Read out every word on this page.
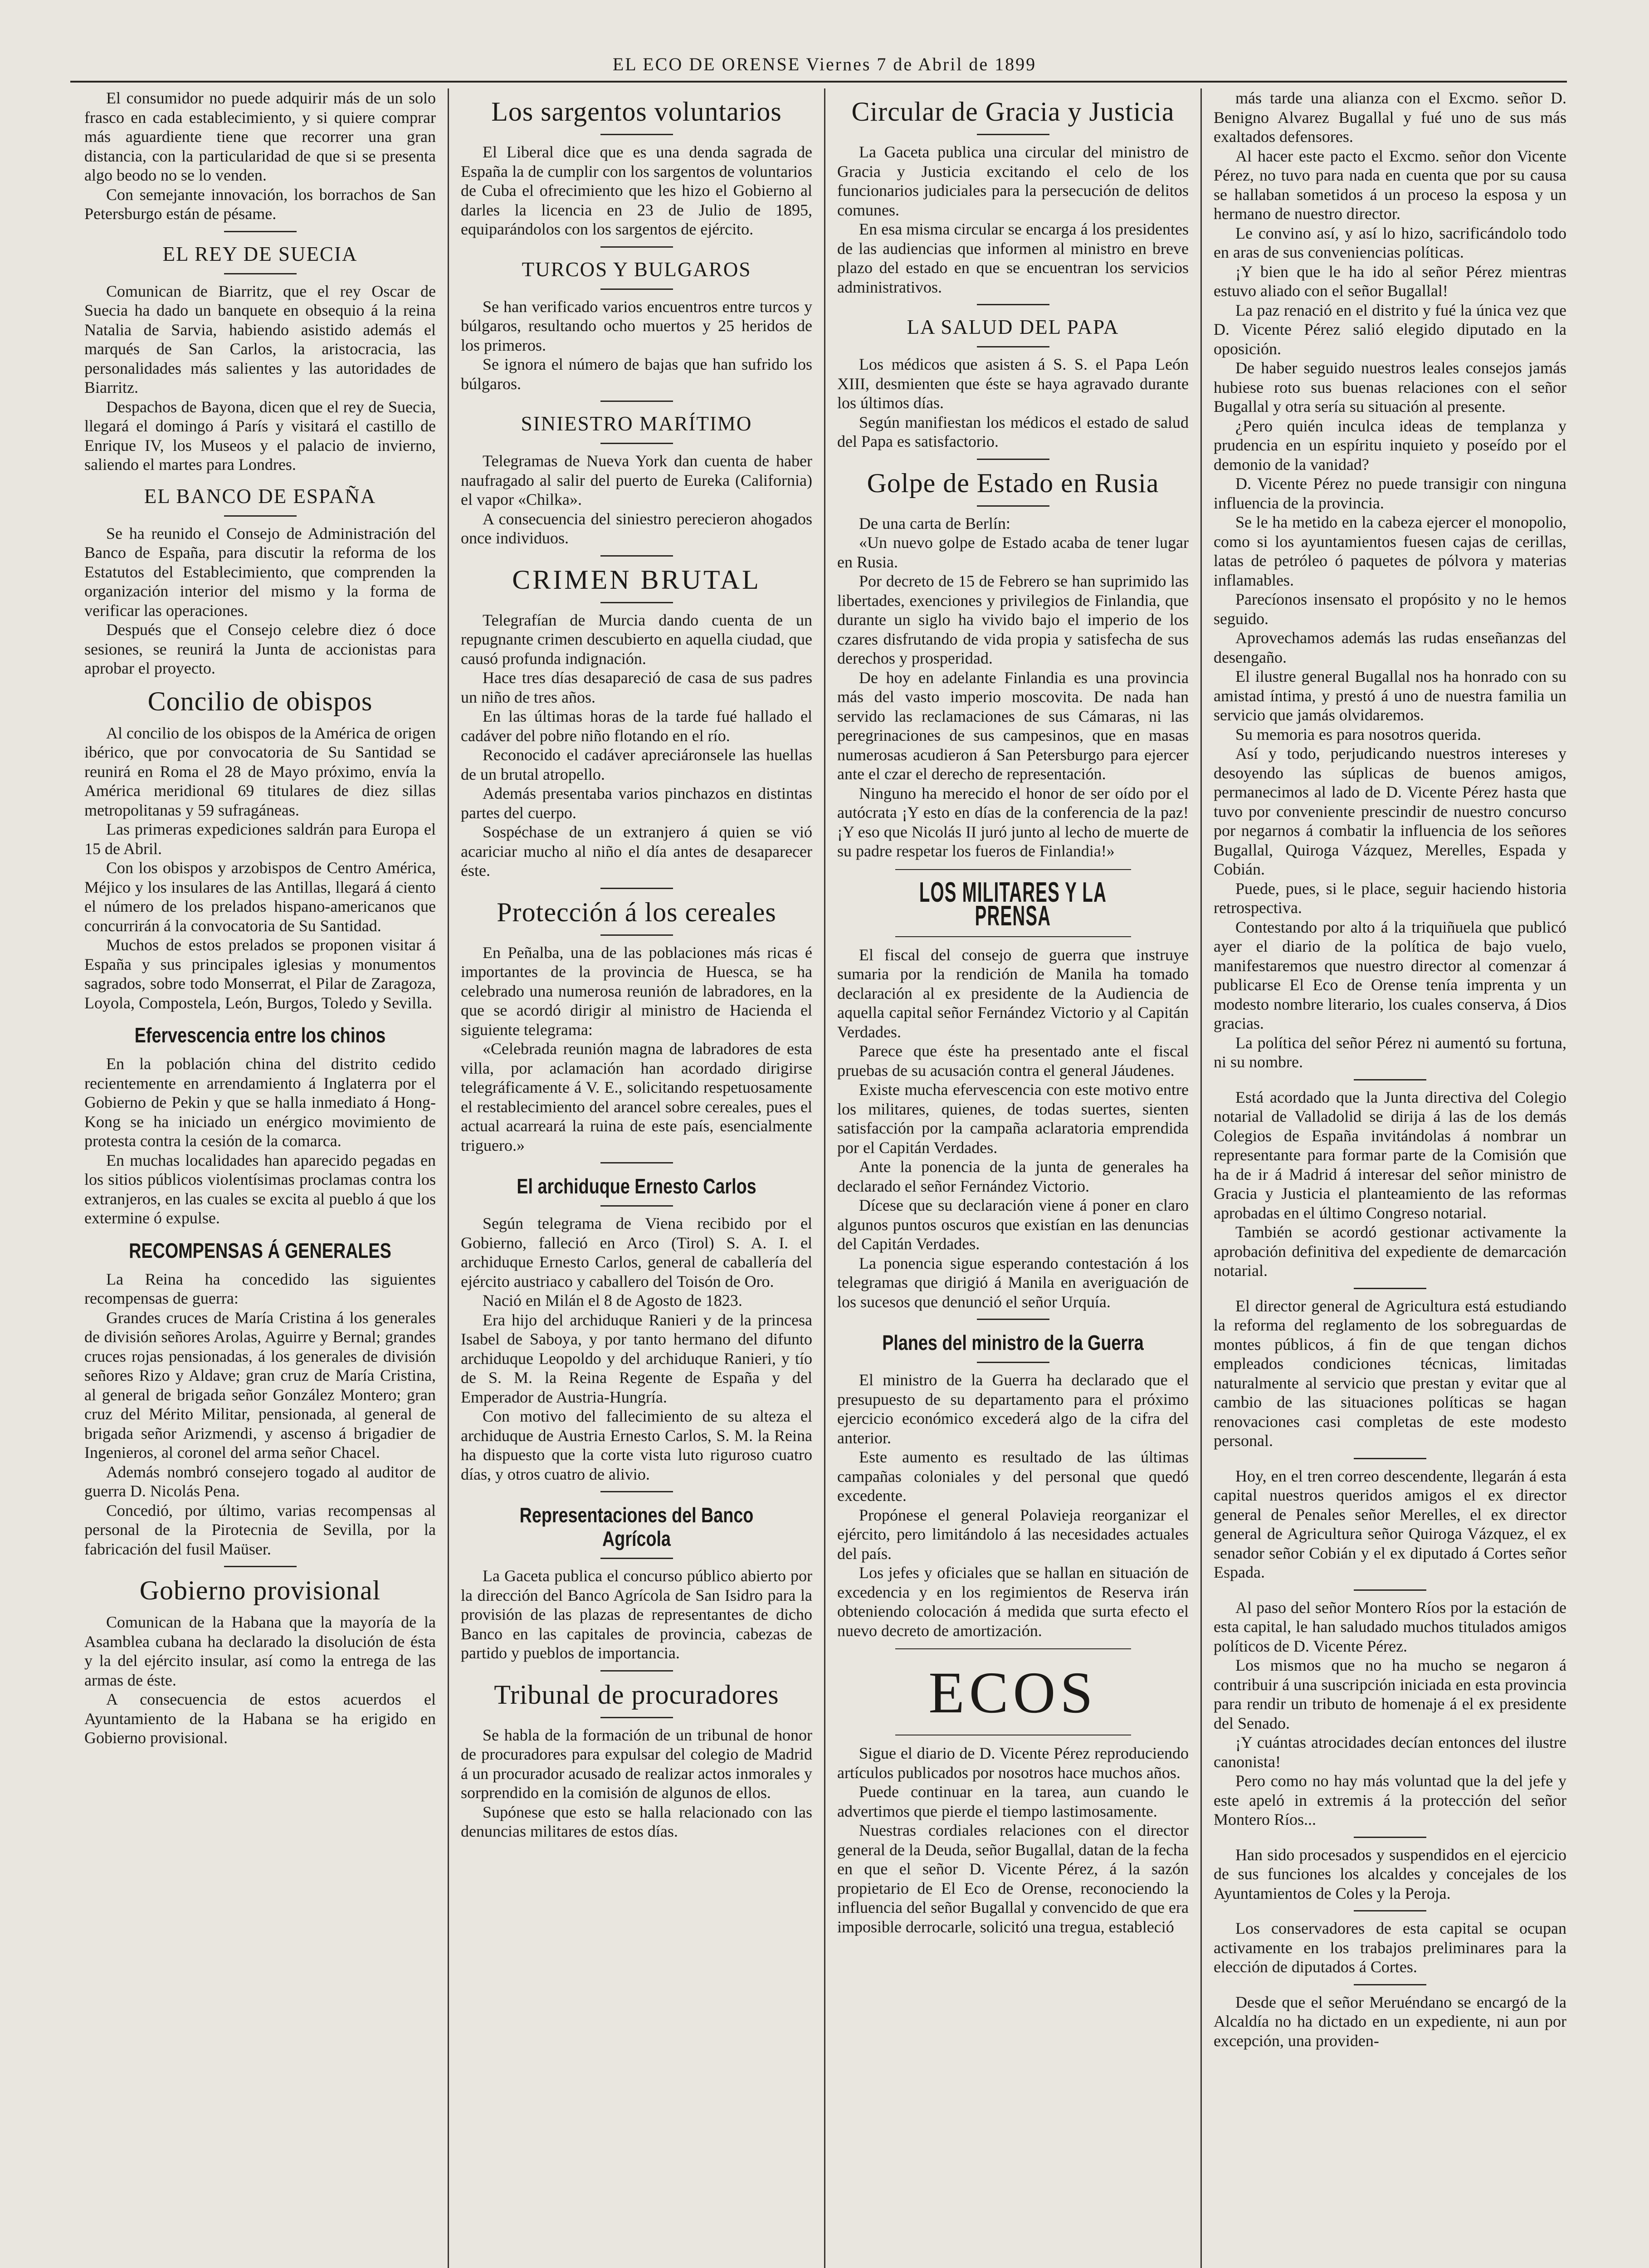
EL ECO DE ORENSE Viernes 7 de Abril de 1899

El consumidor no puede adquirir más de un solo frasco en cada establecimiento, y si quiere comprar más aguardiente tiene que recorrer una gran distancia, con la particularidad de que si se presenta algo beodo no se lo venden.

Con semejante innovación, los borrachos de San Petersburgo están de pésame.

EL REY DE SUECIA

Comunican de Biarritz, que el rey Oscar de Suecia ha dado un banquete en obsequio á la reina Natalia de Sarvia, habiendo asistido además el marqués de San Carlos, la aristocracia, las personalidades más salientes y las autoridades de Biarritz.

Despachos de Bayona, dicen que el rey de Suecia, llegará el domingo á París y visitará el castillo de Enrique IV, los Museos y el palacio de invierno, saliendo el martes para Londres.

EL BANCO DE ESPAÑA

Se ha reunido el Consejo de Administración del Banco de España, para discutir la reforma de los Estatutos del Establecimiento, que comprenden la organización interior del mismo y la forma de verificar las operaciones.

Después que el Consejo celebre diez ó doce sesiones, se reunirá la Junta de accionistas para aprobar el proyecto.

Concilio de obispos

Al concilio de los obispos de la América de origen ibérico, que por convocatoria de Su Santidad se reunirá en Roma el 28 de Mayo próximo, envía la América meridional 69 titulares de diez sillas metropolitanas y 59 sufragáneas.

Las primeras expediciones saldrán para Europa el 15 de Abril.

Con los obispos y arzobispos de Centro América, Méjico y los insulares de las Antillas, llegará á ciento el número de los prelados hispano-americanos que concurrirán á la convocatoria de Su Santidad.

Muchos de estos prelados se proponen visitar á España y sus principales iglesias y monumentos sagrados, sobre todo Monserrat, el Pilar de Zaragoza, Loyola, Compostela, León, Burgos, Toledo y Sevilla.

Efervescencia entre los chinos

En la población china del distrito cedido recientemente en arrendamiento á Inglaterra por el Gobierno de Pekin y que se halla inmediato á Hong-Kong se ha iniciado un enérgico movimiento de protesta contra la cesión de la comarca.

En muchas localidades han aparecido pegadas en los sitios públicos violentísimas proclamas contra los extranjeros, en las cuales se excita al pueblo á que los extermine ó expulse.

RECOMPENSAS Á GENERALES

La Reina ha concedido las siguientes recompensas de guerra:

Grandes cruces de María Cristina á los generales de división señores Arolas, Aguirre y Bernal; grandes cruces rojas pensionadas, á los generales de división señores Rizo y Aldave; gran cruz de María Cristina, al general de brigada señor González Montero; gran cruz del Mérito Militar, pensionada, al general de brigada señor Arizmendi, y ascenso á brigadier de Ingenieros, al coronel del arma señor Chacel.

Además nombró consejero togado al auditor de guerra D. Nicolás Pena.

Concedió, por último, varias recompensas al personal de la Pirotecnia de Sevilla, por la fabricación del fusil Maüser.

Gobierno provisional

Comunican de la Habana que la mayoría de la Asamblea cubana ha declarado la disolución de ésta y la del ejército insular, así como la entrega de las armas de éste.

A consecuencia de estos acuerdos el Ayuntamiento de la Habana se ha erigido en Gobierno provisional.

Los sargentos voluntarios

El Liberal dice que es una denda sagrada de España la de cumplir con los sargentos de voluntarios de Cuba el ofrecimiento que les hizo el Gobierno al darles la licencia en 23 de Julio de 1895, equiparándolos con los sargentos de ejército.

TURCOS Y BULGAROS

Se han verificado varios encuentros entre turcos y búlgaros, resultando ocho muertos y 25 heridos de los primeros.

Se ignora el número de bajas que han sufrido los búlgaros.

SINIESTRO MARÍTIMO

Telegramas de Nueva York dan cuenta de haber naufragado al salir del puerto de Eureka (California) el vapor «Chilka».

A consecuencia del siniestro perecieron ahogados once individuos.

CRIMEN BRUTAL

Telegrafían de Murcia dando cuenta de un repugnante crimen descubierto en aquella ciudad, que causó profunda indignación.

Hace tres días desapareció de casa de sus padres un niño de tres años.

En las últimas horas de la tarde fué hallado el cadáver del pobre niño flotando en el río.

Reconocido el cadáver apreciáronsele las huellas de un brutal atropello.

Además presentaba varios pinchazos en distintas partes del cuerpo.

Sospéchase de un extranjero á quien se vió acariciar mucho al niño el día antes de desaparecer éste.

Protección á los cereales

En Peñalba, una de las poblaciones más ricas é importantes de la provincia de Huesca, se ha celebrado una numerosa reunión de labradores, en la que se acordó dirigir al ministro de Hacienda el siguiente telegrama:

«Celebrada reunión magna de labradores de esta villa, por aclamación han acordado dirigirse telegráficamente á V. E., solicitando respetuosamente el restablecimiento del arancel sobre cereales, pues el actual acarreará la ruina de este país, esencialmente triguero.»

El archiduque Ernesto Carlos

Según telegrama de Viena recibido por el Gobierno, falleció en Arco (Tirol) S. A. I. el archiduque Ernesto Carlos, general de caballería del ejército austriaco y caballero del Toisón de Oro.

Nació en Milán el 8 de Agosto de 1823.

Era hijo del archiduque Ranieri y de la princesa Isabel de Saboya, y por tanto hermano del difunto archiduque Leopoldo y del archiduque Ranieri, y tío de S. M. la Reina Regente de España y del Emperador de Austria-Hungría.

Con motivo del fallecimiento de su alteza el archiduque de Austria Ernesto Carlos, S. M. la Reina ha dispuesto que la corte vista luto riguroso cuatro días, y otros cuatro de alivio.

Representaciones del Banco Agrícola

La Gaceta publica el concurso público abierto por la dirección del Banco Agrícola de San Isidro para la provisión de las plazas de representantes de dicho Banco en las capitales de provincia, cabezas de partido y pueblos de importancia.

Tribunal de procuradores

Se habla de la formación de un tribunal de honor de procuradores para expulsar del colegio de Madrid á un procurador acusado de realizar actos inmorales y sorprendido en la comisión de algunos de ellos.

Supónese que esto se halla relacionado con las denuncias militares de estos días.

Circular de Gracia y Justicia

La Gaceta publica una circular del ministro de Gracia y Justicia excitando el celo de los funcionarios judiciales para la persecución de delitos comunes.

En esa misma circular se encarga á los presidentes de las audiencias que informen al ministro en breve plazo del estado en que se encuentran los servicios administrativos.

LA SALUD DEL PAPA

Los médicos que asisten á S. S. el Papa León XIII, desmienten que éste se haya agravado durante los últimos días.

Según manifiestan los médicos el estado de salud del Papa es satisfactorio.

Golpe de Estado en Rusia

De una carta de Berlín:

«Un nuevo golpe de Estado acaba de tener lugar en Rusia.

Por decreto de 15 de Febrero se han suprimido las libertades, exenciones y privilegios de Finlandia, que durante un siglo ha vivido bajo el imperio de los czares disfrutando de vida propia y satisfecha de sus derechos y prosperidad.

De hoy en adelante Finlandia es una provincia más del vasto imperio moscovita. De nada han servido las reclamaciones de sus Cámaras, ni las peregrinaciones de sus campesinos, que en masas numerosas acudieron á San Petersburgo para ejercer ante el czar el derecho de representación.

Ninguno ha merecido el honor de ser oído por el autócrata ¡Y esto en días de la conferencia de la paz! ¡Y eso que Nicolás II juró junto al lecho de muerte de su padre respetar los fueros de Finlandia!»

LOS MILITARES Y LA PRENSA

El fiscal del consejo de guerra que instruye sumaria por la rendición de Manila ha tomado declaración al ex presidente de la Audiencia de aquella capital señor Fernández Victorio y al Capitán Verdades.

Parece que éste ha presentado ante el fiscal pruebas de su acusación contra el general Jáudenes.

Existe mucha efervescencia con este motivo entre los militares, quienes, de todas suertes, sienten satisfacción por la campaña aclaratoria emprendida por el Capitán Verdades.

Ante la ponencia de la junta de generales ha declarado el señor Fernández Victorio.

Dícese que su declaración viene á poner en claro algunos puntos oscuros que existían en las denuncias del Capitán Verdades.

La ponencia sigue esperando contestación á los telegramas que dirigió á Manila en averiguación de los sucesos que denunció el señor Urquía.

Planes del ministro de la Guerra

El ministro de la Guerra ha declarado que el presupuesto de su departamento para el próximo ejercicio económico excederá algo de la cifra del anterior.

Este aumento es resultado de las últimas campañas coloniales y del personal que quedó excedente.

Propónese el general Polavieja reorganizar el ejército, pero limitándolo á las necesidades actuales del país.

Los jefes y oficiales que se hallan en situación de excedencia y en los regimientos de Reserva irán obteniendo colocación á medida que surta efecto el nuevo decreto de amortización.

ECOS

Sigue el diario de D. Vicente Pérez reproduciendo artículos publicados por nosotros hace muchos años.

Puede continuar en la tarea, aun cuando le advertimos que pierde el tiempo lastimosamente.

Nuestras cordiales relaciones con el director general de la Deuda, señor Bugallal, datan de la fecha en que el señor D. Vicente Pérez, á la sazón propietario de El Eco de Orense, reconociendo la influencia del señor Bugallal y convencido de que era imposible derrocarle, solicitó una tregua, estableció

más tarde una alianza con el Excmo. señor D. Benigno Alvarez Bugallal y fué uno de sus más exaltados defensores.

Al hacer este pacto el Excmo. señor don Vicente Pérez, no tuvo para nada en cuenta que por su causa se hallaban sometidos á un proceso la esposa y un hermano de nuestro director.

Le convino así, y así lo hizo, sacrificándolo todo en aras de sus conveniencias políticas.

¡Y bien que le ha ido al señor Pérez mientras estuvo aliado con el señor Bugallal!

La paz renació en el distrito y fué la única vez que D. Vicente Pérez salió elegido diputado en la oposición.

De haber seguido nuestros leales consejos jamás hubiese roto sus buenas relaciones con el señor Bugallal y otra sería su situación al presente.

¿Pero quién inculca ideas de templanza y prudencia en un espíritu inquieto y poseído por el demonio de la vanidad?

D. Vicente Pérez no puede transigir con ninguna influencia de la provincia.

Se le ha metido en la cabeza ejercer el monopolio, como si los ayuntamientos fuesen cajas de cerillas, latas de petróleo ó paquetes de pólvora y materias inflamables.

Parecíonos insensato el propósito y no le hemos seguido.

Aprovechamos además las rudas enseñanzas del desengaño.

El ilustre general Bugallal nos ha honrado con su amistad íntima, y prestó á uno de nuestra familia un servicio que jamás olvidaremos.

Su memoria es para nosotros querida.

Así y todo, perjudicando nuestros intereses y desoyendo las súplicas de buenos amigos, permanecimos al lado de D. Vicente Pérez hasta que tuvo por conveniente prescindir de nuestro concurso por negarnos á combatir la influencia de los señores Bugallal, Quiroga Vázquez, Merelles, Espada y Cobián.

Puede, pues, si le place, seguir haciendo historia retrospectiva.

Contestando por alto á la triquiñuela que publicó ayer el diario de la política de bajo vuelo, manifestaremos que nuestro director al comenzar á publicarse El Eco de Orense tenía imprenta y un modesto nombre literario, los cuales conserva, á Dios gracias.

La política del señor Pérez ni aumentó su fortuna, ni su nombre.

Está acordado que la Junta directiva del Colegio notarial de Valladolid se dirija á las de los demás Colegios de España invitándolas á nombrar un representante para formar parte de la Comisión que ha de ir á Madrid á interesar del señor ministro de Gracia y Justicia el planteamiento de las reformas aprobadas en el último Congreso notarial.

También se acordó gestionar activamente la aprobación definitiva del expediente de demarcación notarial.

El director general de Agricultura está estudiando la reforma del reglamento de los sobreguardas de montes públicos, á fin de que tengan dichos empleados condiciones técnicas, limitadas naturalmente al servicio que prestan y evitar que al cambio de las situaciones políticas se hagan renovaciones casi completas de este modesto personal.

Hoy, en el tren correo descendente, llegarán á esta capital nuestros queridos amigos el ex director general de Penales señor Merelles, el ex director general de Agricultura señor Quiroga Vázquez, el ex senador señor Cobián y el ex diputado á Cortes señor Espada.

Al paso del señor Montero Ríos por la estación de esta capital, le han saludado muchos titulados amigos políticos de D. Vicente Pérez.

Los mismos que no ha mucho se negaron á contribuir á una suscripción iniciada en esta provincia para rendir un tributo de homenaje á el ex presidente del Senado.

¡Y cuántas atrocidades decían entonces del ilustre canonista!

Pero como no hay más voluntad que la del jefe y este apeló in extremis á la protección del señor Montero Ríos...

Han sido procesados y suspendidos en el ejercicio de sus funciones los alcaldes y concejales de los Ayuntamientos de Coles y la Peroja.

Los conservadores de esta capital se ocupan activamente en los trabajos preliminares para la elección de diputados á Cortes.

Desde que el señor Meruéndano se encargó de la Alcaldía no ha dictado en un expediente, ni aun por excepción, una providen-
